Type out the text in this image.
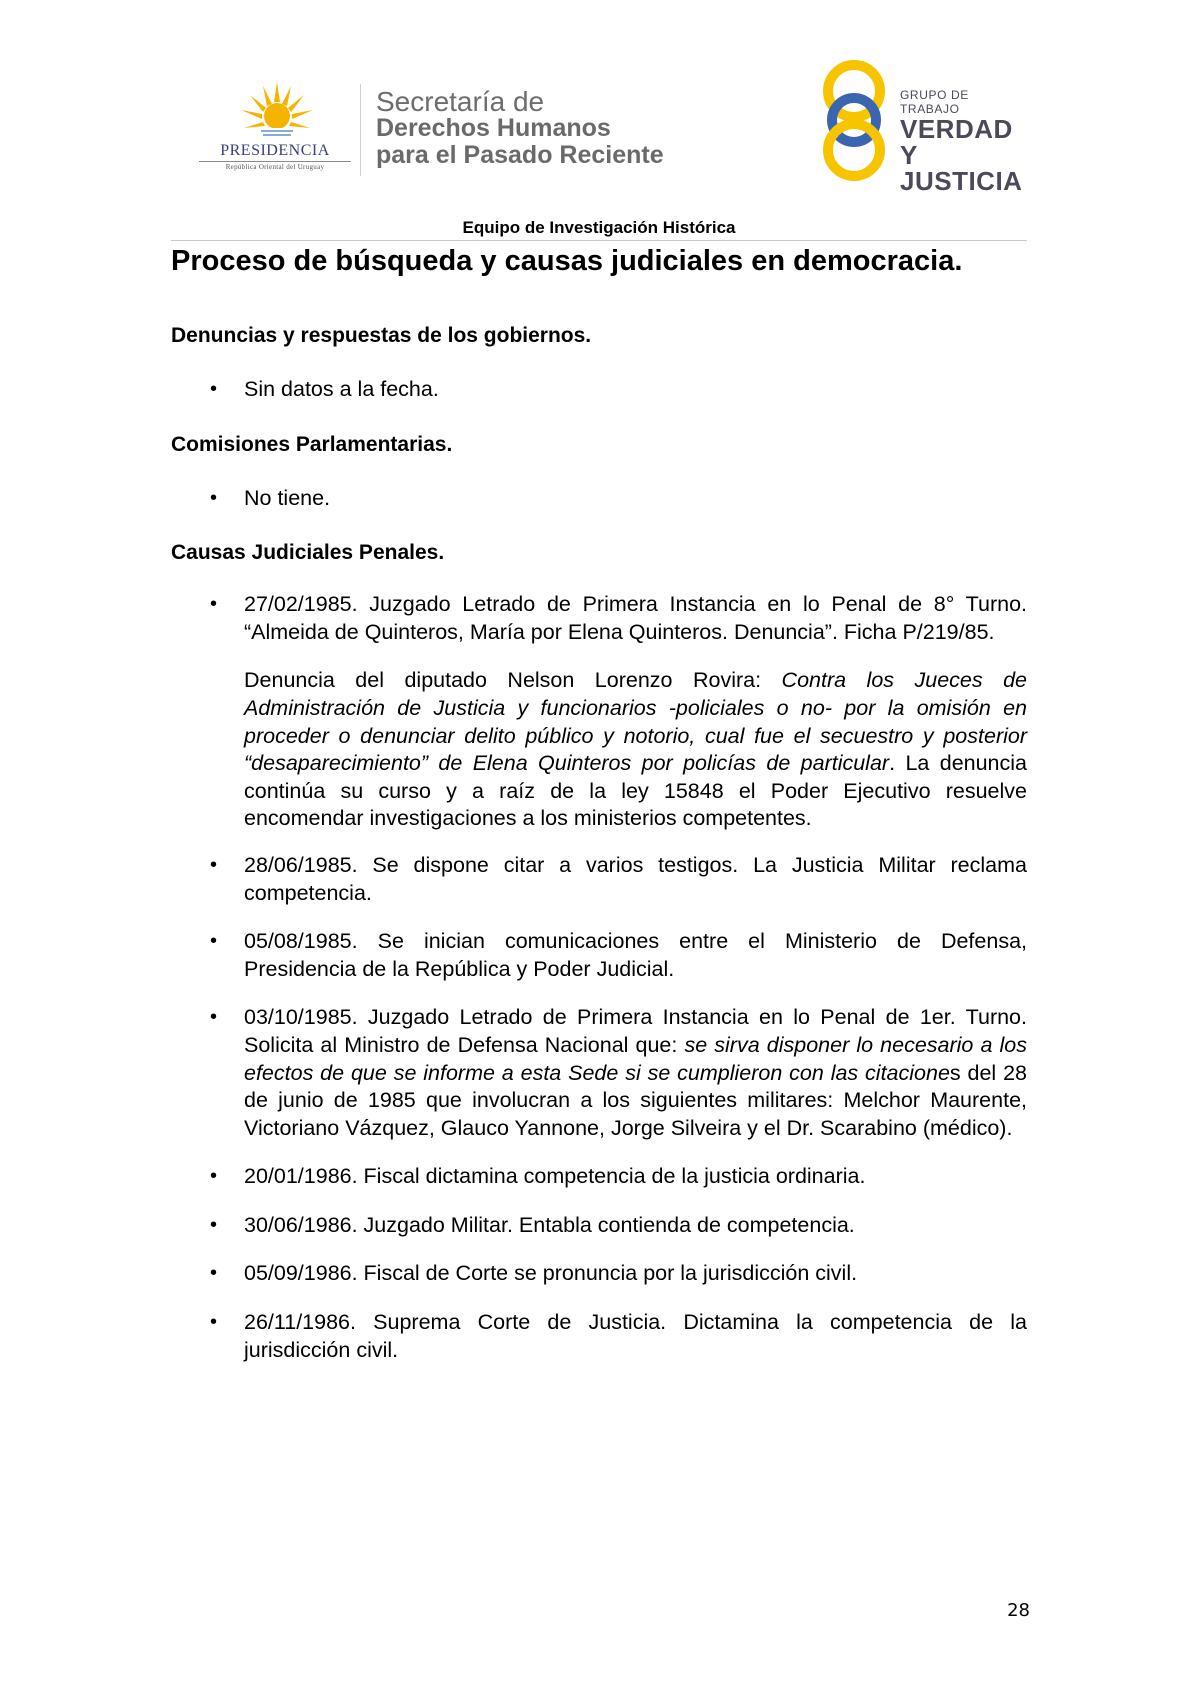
PRESIDENCIA
República Oriental del Uruguay
Secretaría de
Derechos Humanos
para el Pasado Reciente
GRUPO DE TRABAJO
VERDAD Y
JUSTICIA
Equipo de Investigación Histórica
Proceso de búsqueda y causas judiciales en democracia.
Denuncias y respuestas de los gobiernos.
• Sin datos a la fecha.
Comisiones Parlamentarias.
• No tiene.
Causas Judiciales Penales.
• 27/02/1985. Juzgado Letrado de Primera Instancia en lo Penal de 8° Turno. “Almeida de Quinteros, María por Elena Quinteros. Denuncia”. Ficha P/219/85.

Denuncia del diputado Nelson Lorenzo Rovira: Contra los Jueces de Administración de Justicia y funcionarios -policiales o no- por la omisión en proceder o denunciar delito público y notorio, cual fue el secuestro y posterior “desaparecimiento” de Elena Quinteros por policías de particular. La denuncia continúa su curso y a raíz de la ley 15848 el Poder Ejecutivo resuelve encomendar investigaciones a los ministerios competentes.

• 28/06/1985. Se dispone citar a varios testigos. La Justicia Militar reclama competencia.
• 05/08/1985. Se inician comunicaciones entre el Ministerio de Defensa, Presidencia de la República y Poder Judicial.
• 03/10/1985. Juzgado Letrado de Primera Instancia en lo Penal de 1er. Turno. Solicita al Ministro de Defensa Nacional que: se sirva disponer lo necesario a los efectos de que se informe a esta Sede si se cumplieron con las citaciones del 28 de junio de 1985 que involucran a los siguientes militares: Melchor Maurente, Victoriano Vázquez, Glauco Yannone, Jorge Silveira y el Dr. Scarabino (médico).
• 20/01/1986. Fiscal dictamina competencia de la justicia ordinaria.
• 30/06/1986. Juzgado Militar. Entabla contienda de competencia.
• 05/09/1986. Fiscal de Corte se pronuncia por la jurisdicción civil.
• 26/11/1986. Suprema Corte de Justicia. Dictamina la competencia de la jurisdicción civil.
28
